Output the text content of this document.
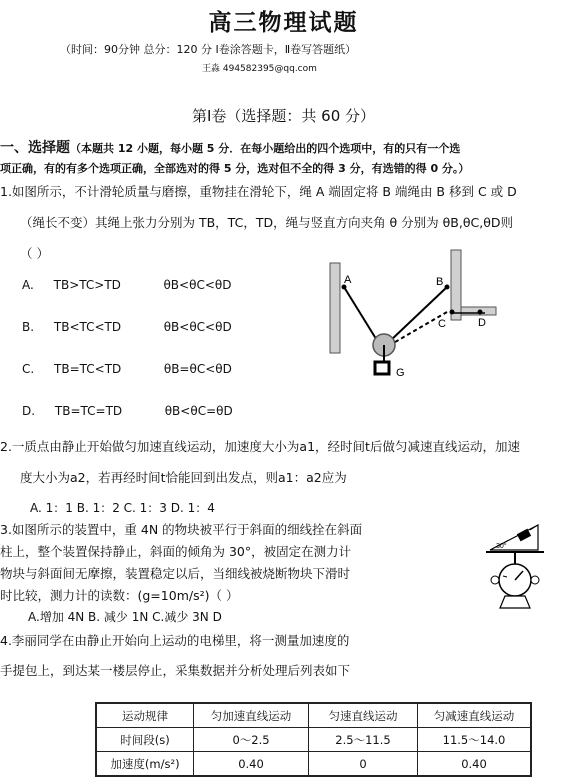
高三物理试题
（时间：90分钟 总分：120 分 Ⅰ卷涂答题卡，Ⅱ卷写答题纸）
王淼 494582395@qq.com
第Ⅰ卷（选择题：共 60 分）
一、选择题（本题共 12 小题，每小题 5 分．在每小题给出的四个选项中，有的只有一个选
项正确，有的有多个选项正确，全部选对的得 5 分，选对但不全的得 3 分，有选错的得 0 分。）
1.如图所示，不计滑轮质量与磨擦，重物挂在滑轮下，绳 A 端固定将 B 端绳由 B 移到 C 或 D
（绳长不变）其绳上张力分别为 TB，TC，TD，绳与竖直方向夹角 θ 分别为 θB,θC,θD则
（ ）
A. TB>TC>TD	θB<θC<θD
B. TB<TC<TD	θB<θC<θD
C. TB=TC<TD	θB=θC<θD
D. TB=TC=TD	θB<θC=θD
A	B
C	D
G
2.一质点由静止开始做匀加速直线运动，加速度大小为a1，经时间t后做匀减速直线运动，加速
度大小为a2，若再经时间t恰能回到出发点，则a1：a2应为
A. 1：1 B. 1：2 C. 1：3 D. 1：4
3.如图所示的装置中，重 4N 的物块被平行于斜面的细线拴在斜面
柱上，整个装置保持静止，斜面的倾角为 30°，被固定在测力计
物块与斜面间无摩擦，装置稳定以后，当细线被烧断物块下滑时
时比较，测力计的读数：(g=10m/s²)（ ）
A.增加 4N B. 减少 1N C.减少 3N D
30°
4.李丽同学在由静止开始向上运动的电梯里，将一测量加速度的
手提包上，到达某一楼层停止，采集数据并分析处理后列表如下
运动规律	匀加速直线运动	匀速直线运动	匀减速直线运动
时间段(s)	0～2.5	2.5～11.5	11.5～14.0
加速度(m/s²)	0.40	0	0.40
